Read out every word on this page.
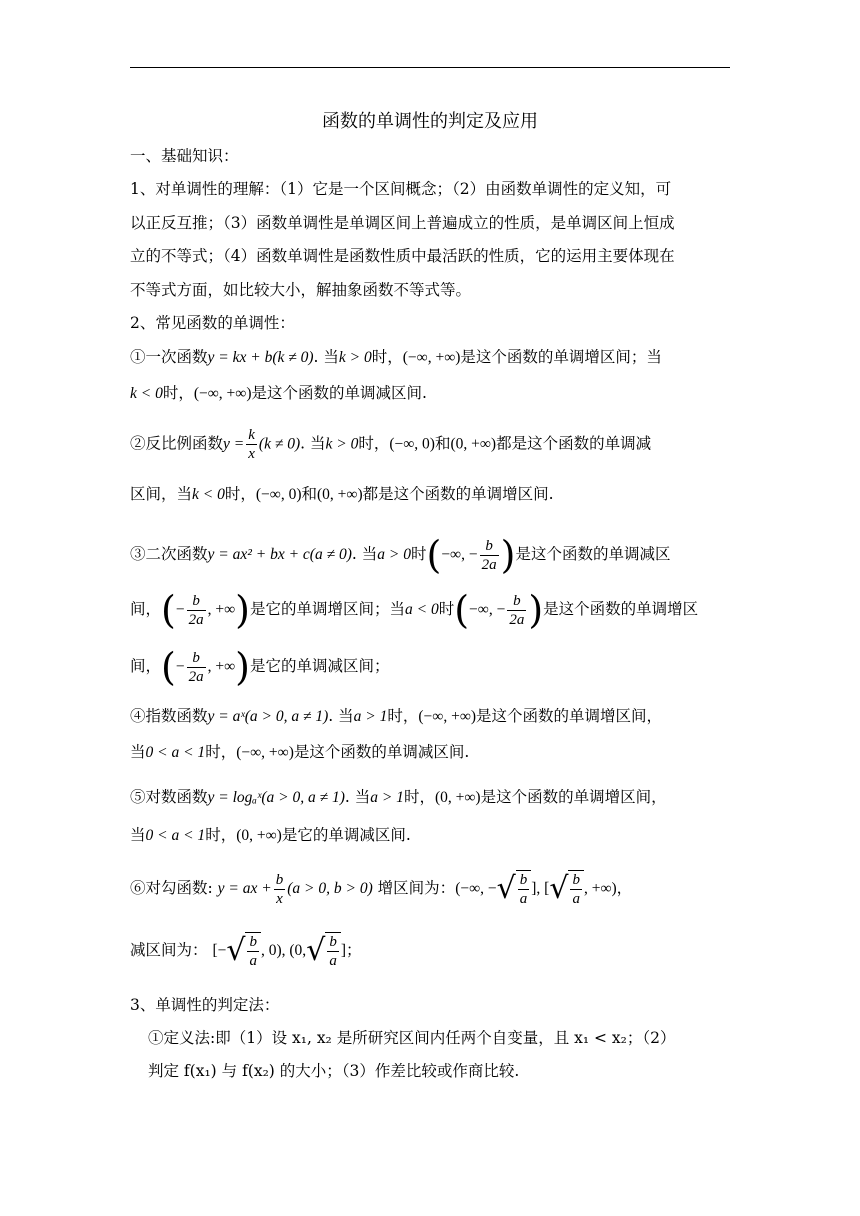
函数的单调性的判定及应用
一、基础知识：
1、对单调性的理解：（1）它是一个区间概念；（2）由函数单调性的定义知，可
以正反互推；（3）函数单调性是单调区间上普遍成立的性质，是单调区间上恒成
立的不等式；（4）函数单调性是函数性质中最活跃的性质，它的运用主要体现在
不等式方面，如比较大小，解抽象函数不等式等。
2、常见函数的单调性：
①一次函数y = kx + b(k ≠ 0). 当k > 0时，(−∞, +∞)是这个函数的单调增区间；当
k < 0时，(−∞, +∞)是这个函数的单调减区间.
②反比例函数$y = \frac{k}{x} (k \ne 0)$. 当k > 0时，(−∞, 0)和(0, +∞)都是这个函数的单调减
区间，当k < 0时，(−∞, 0)和(0, +∞)都是这个函数的单调增区间.
③二次函数y = ax² + bx + c(a ≠ 0). 当a > 0时(−∞, − $\frac{b}{2a}$ )是这个函数的单调减区
间，(− $\frac{b}{2a}$ , +∞)是它的单调增区间；当a < 0时(−∞, − $\frac{b}{2a}$ )是这个函数的单调增区
间，(− $\frac{b}{2a}$ , +∞)是它的单调减区间；
④指数函数y = aˣ(a > 0, a ≠ 1). 当a > 1时，(−∞, +∞)是这个函数的单调增区间，
当0 < a < 1时，(−∞, +∞)是这个函数的单调减区间.
⑤对数函数y = logₐˣ(a > 0, a ≠ 1). 当a > 1时，(0, +∞)是这个函数的单调增区间，
当0 < a < 1时，(0, +∞)是它的单调减区间.
⑥对勾函数: y = ax + $\frac{b}{x} (a > 0$, b > 0) 增区间为：(−∞, −√ $\frac{b}{a}$ ], [√ $\frac{b}{a}$ , +∞)，
减区间为： [−√ $\frac{b}{a}$ , 0), ($0,√ \frac{b}{a}$ ]；
3、单调性的判定法：
①定义法:即（1）设 x₁, x₂ 是所研究区间内任两个自变量，且 x₁ < x₂；（2）
判定 f(x₁) 与 f(x₂) 的大小；（3）作差比较或作商比较.
